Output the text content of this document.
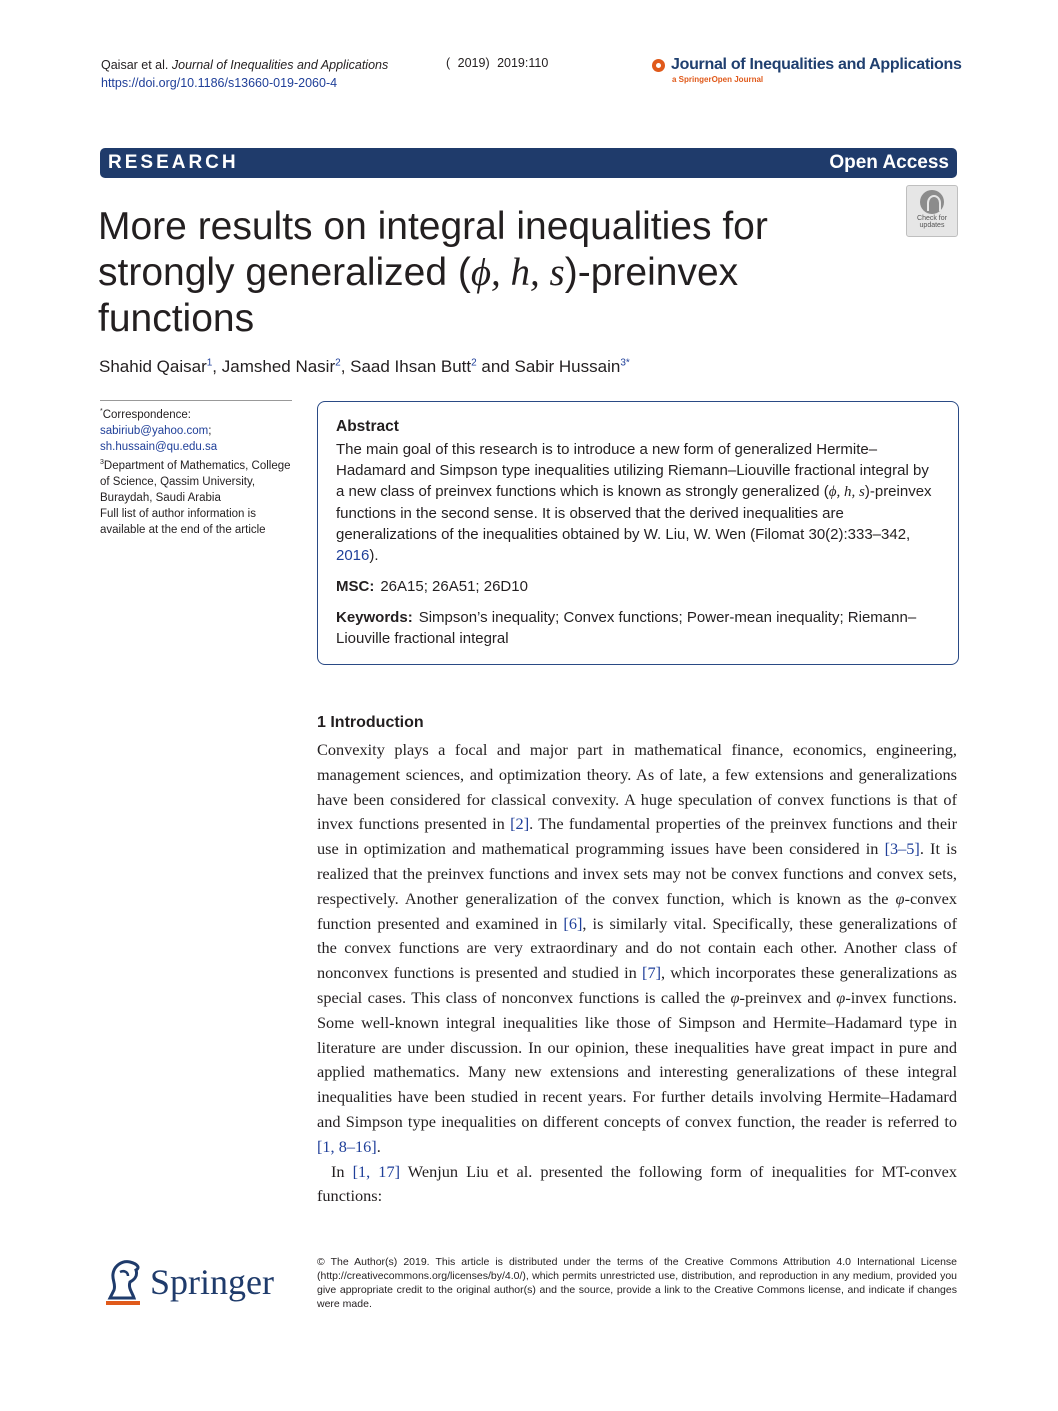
Qaisar et al. Journal of Inequalities and Applications
https://doi.org/10.1186/s13660-019-2060-4
( 2019) 2019:110	Journal of Inequalities and Applications
a SpringerOpen Journal
RESEARCH	Open Access
Check for
updates
More results on integral inequalities for
strongly generalized (ϕ, h, s)-preinvex
functions
Shahid Qaisar$^1$, Jamshed Nasir$^2$, Saad Ihsan Butt$^2$ and Sabir Hussain$^{3*}$
*Correspondence:
sabiriub@yahoo.com;
sh.hussain@qu.edu.sa
$^3$Department of Mathematics, College of Science, Qassim University, Buraydah, Saudi Arabia
Full list of author information is available at the end of the article
Abstract

The main goal of this research is to introduce a new form of generalized Hermite–Hadamard and Simpson type inequalities utilizing Riemann–Liouville fractional integral by a new class of preinvex functions which is known as strongly generalized (ϕ, h, s)-preinvex functions in the second sense. It is observed that the derived inequalities are generalizations of the inequalities obtained by W. Liu, W. Wen (Filomat 30(2):333–342, 2016).

MSC: 26A15; 26A51; 26D10

Keywords: Simpson’s inequality; Convex functions; Power-mean inequality; Riemann–Liouville fractional integral

1 Introduction

Convexity plays a focal and major part in mathematical finance, economics, engineering, management sciences, and optimization theory. As of late, a few extensions and generalizations have been considered for classical convexity. A huge speculation of convex functions is that of invex functions presented in [2]. The fundamental properties of the preinvex functions and their use in optimization and mathematical programming issues have been considered in [3–5]. It is realized that the preinvex functions and invex sets may not be convex functions and convex sets, respectively. Another generalization of the convex function, which is known as the φ-convex function presented and examined in [6], is similarly vital. Specifically, these generalizations of the convex functions are very extraordinary and do not contain each other. Another class of nonconvex functions is presented and studied in [7], which incorporates these generalizations as special cases. This class of nonconvex functions is called the φ-preinvex and φ-invex functions. Some well-known integral inequalities like those of Simpson and Hermite–Hadamard type in literature are under discussion. In our opinion, these inequalities have great impact in pure and applied mathematics. Many new extensions and interesting generalizations of these integral inequalities have been studied in recent years. For further details involving Hermite–Hadamard and Simpson type inequalities on different concepts of convex function, the reader is referred to [1, 8–16].

In [1, 17] Wenjun Liu et al. presented the following form of inequalities for MT-convex functions:

Springer	© The Author(s) 2019. This article is distributed under the terms of the Creative Commons Attribution 4.0 International License (http://creativecommons.org/licenses/by/4.0/), which permits unrestricted use, distribution, and reproduction in any medium, provided you give appropriate credit to the original author(s) and the source, provide a link to the Creative Commons license, and indicate if changes were made.
